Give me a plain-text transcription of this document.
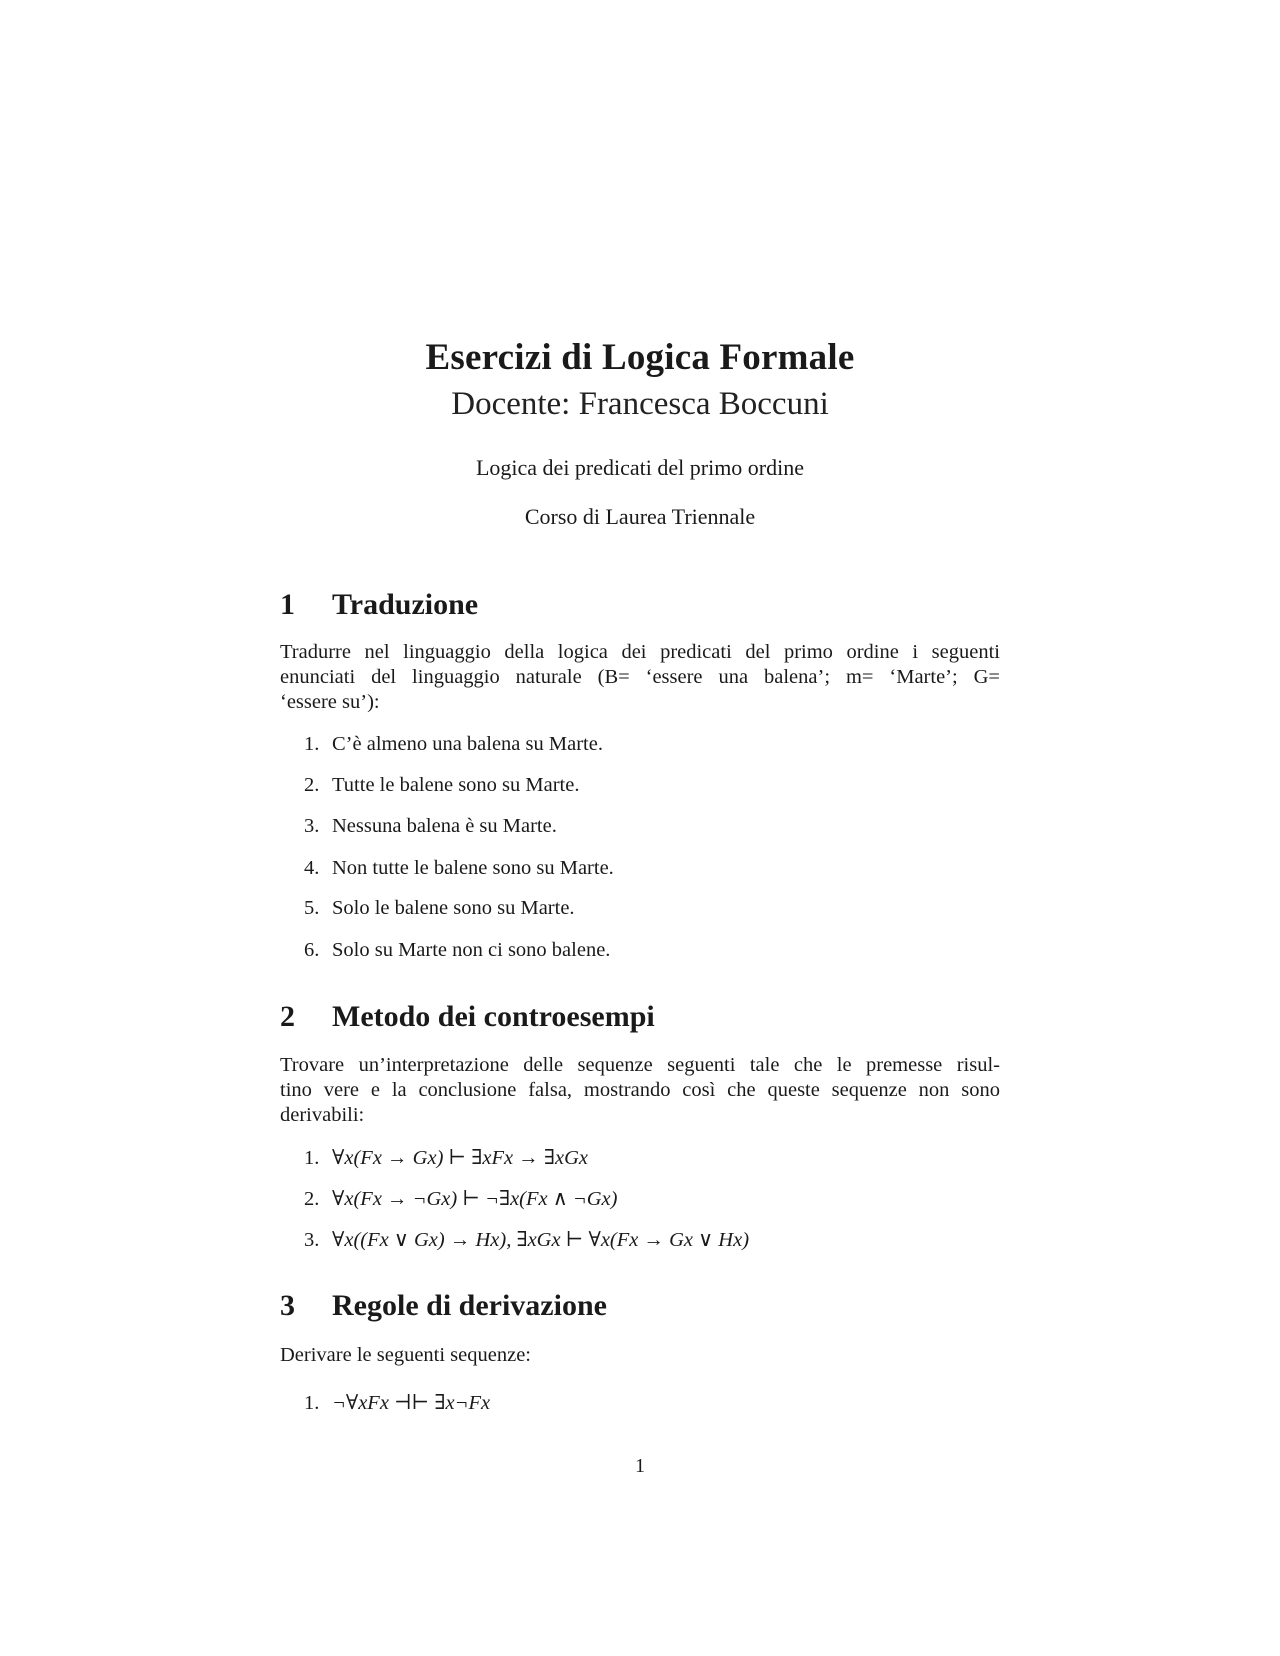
Esercizi di Logica Formale

Docente: Francesca Boccuni

Logica dei predicati del primo ordine

Corso di Laurea Triennale

1 Traduzione

Tradurre nel linguaggio della logica dei predicati del primo ordine i seguenti
enunciati del linguaggio naturale (B= ‘essere una balena’; m= ‘Marte’; G=
‘essere su’):

1. C’è almeno una balena su Marte.
2. Tutte le balene sono su Marte.
3. Nessuna balena è su Marte.
4. Non tutte le balene sono su Marte.
5. Solo le balene sono su Marte.
6. Solo su Marte non ci sono balene.
2 Metodo dei controesempi

Trovare un’interpretazione delle sequenze seguenti tale che le premesse risul-
tino vere e la conclusione falsa, mostrando così che queste sequenze non sono
derivabili:

1. ∀x(Fx → Gx) ⊢ ∃xFx → ∃xGx
2. ∀x(Fx → ¬Gx) ⊢ ¬∃x(Fx ∧ ¬Gx)
3. ∀x((Fx ∨ Gx) → Hx), ∃xGx ⊢ ∀x(Fx → Gx ∨ Hx)
3 Regole di derivazione

Derivare le seguenti sequenze:

1. ¬∀xFx ⊣⊢ ∃x¬Fx
1
